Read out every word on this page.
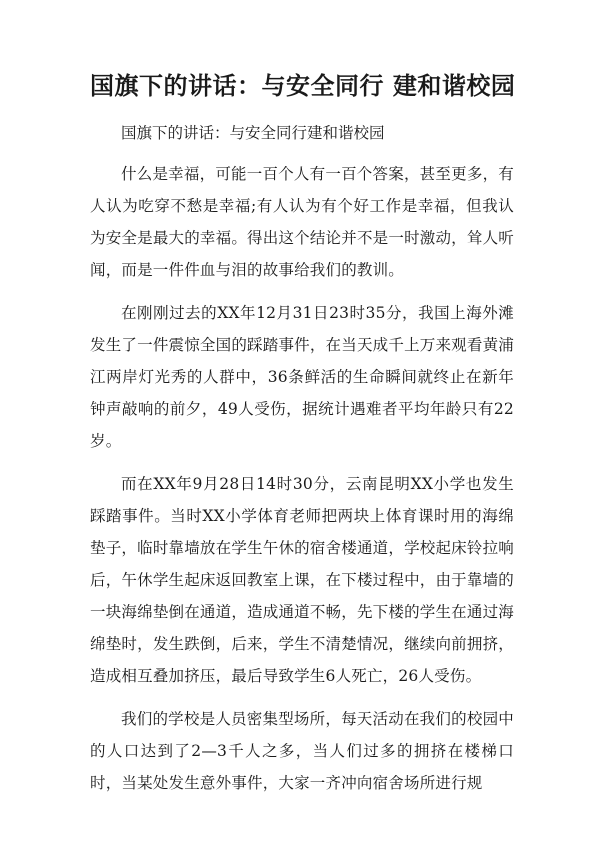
国旗下的讲话：与安全同行 建和谐校园

国旗下的讲话：与安全同行建和谐校园

什么是幸福，可能一百个人有一百个答案，甚至更多，有人认为吃穿不愁是幸福;有人认为有个好工作是幸福，但我认为安全是最大的幸福。得出这个结论并不是一时激动，耸人听闻，而是一件件血与泪的故事给我们的教训。

在刚刚过去的XX年12月31日23时35分，我国上海外滩发生了一件震惊全国的踩踏事件，在当天成千上万来观看黄浦江两岸灯光秀的人群中，36条鲜活的生命瞬间就终止在新年钟声敲响的前夕，49人受伤，据统计遇难者平均年龄只有22岁。

而在XX年9月28日14时30分，云南昆明XX小学也发生踩踏事件。当时XX小学体育老师把两块上体育课时用的海绵垫子，临时靠墙放在学生午休的宿舍楼通道，学校起床铃拉响后，午休学生起床返回教室上课，在下楼过程中，由于靠墙的一块海绵垫倒在通道，造成通道不畅，先下楼的学生在通过海绵垫时，发生跌倒，后来，学生不清楚情况，继续向前拥挤，造成相互叠加挤压，最后导致学生6人死亡，26人受伤。

我们的学校是人员密集型场所，每天活动在我们的校园中的人口达到了2—3千人之多，当人们过多的拥挤在楼梯口时，当某处发生意外事件，大家一齐冲向宿舍场所进行规
